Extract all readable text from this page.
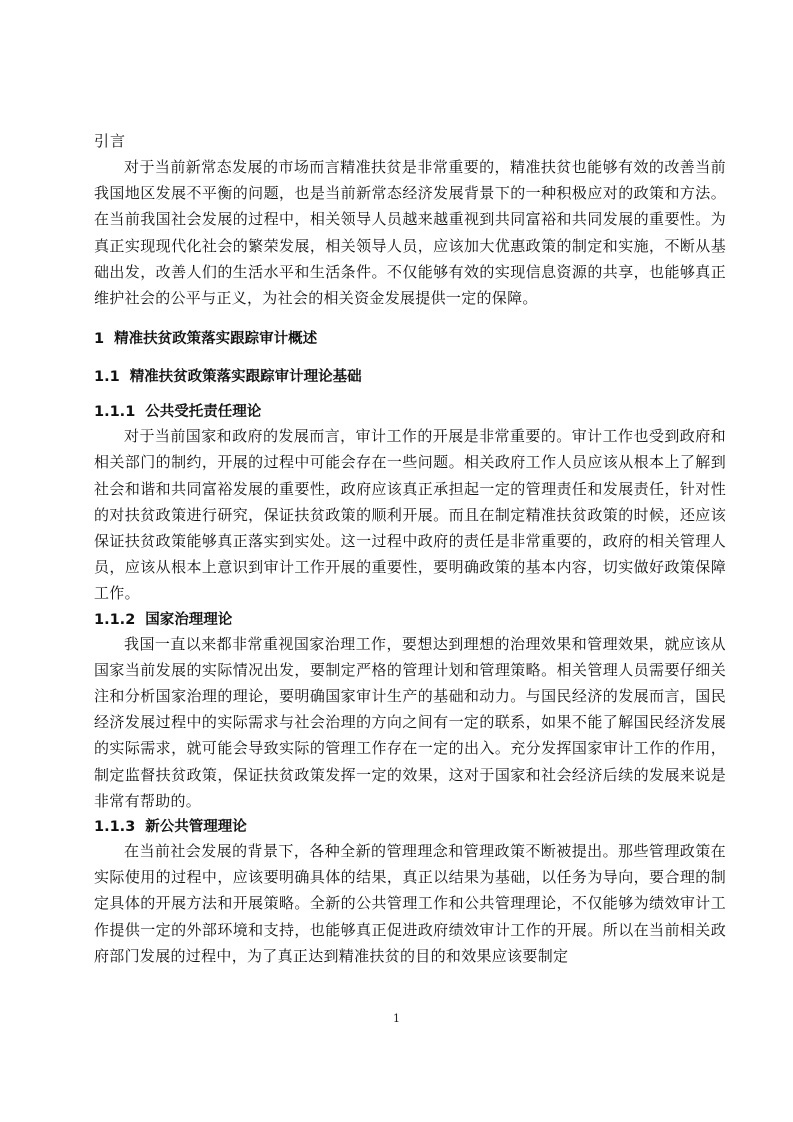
引言

对于当前新常态发展的市场而言精准扶贫是非常重要的，精准扶贫也能够有效的改善当前我国地区发展不平衡的问题，也是当前新常态经济发展背景下的一种积极应对的政策和方法。在当前我国社会发展的过程中，相关领导人员越来越重视到共同富裕和共同发展的重要性。为真正实现现代化社会的繁荣发展，相关领导人员，应该加大优惠政策的制定和实施，不断从基础出发，改善人们的生活水平和生活条件。不仅能够有效的实现信息资源的共享，也能够真正维护社会的公平与正义，为社会的相关资金发展提供一定的保障。

1 精准扶贫政策落实跟踪审计概述
1.1 精准扶贫政策落实跟踪审计理论基础
1.1.1 公共受托责任理论

对于当前国家和政府的发展而言，审计工作的开展是非常重要的。审计工作也受到政府和相关部门的制约，开展的过程中可能会存在一些问题。相关政府工作人员应该从根本上了解到社会和谐和共同富裕发展的重要性，政府应该真正承担起一定的管理责任和发展责任，针对性的对扶贫政策进行研究，保证扶贫政策的顺利开展。而且在制定精准扶贫政策的时候，还应该保证扶贫政策能够真正落实到实处。这一过程中政府的责任是非常重要的，政府的相关管理人员，应该从根本上意识到审计工作开展的重要性，要明确政策的基本内容，切实做好政策保障工作。

1.1.2 国家治理理论

我国一直以来都非常重视国家治理工作，要想达到理想的治理效果和管理效果，就应该从国家当前发展的实际情况出发，要制定严格的管理计划和管理策略。相关管理人员需要仔细关注和分析国家治理的理论，要明确国家审计生产的基础和动力。与国民经济的发展而言，国民经济发展过程中的实际需求与社会治理的方向之间有一定的联系，如果不能了解国民经济发展的实际需求，就可能会导致实际的管理工作存在一定的出入。充分发挥国家审计工作的作用，制定监督扶贫政策，保证扶贫政策发挥一定的效果，这对于国家和社会经济后续的发展来说是非常有帮助的。

1.1.3 新公共管理理论

在当前社会发展的背景下，各种全新的管理理念和管理政策不断被提出。那些管理政策在实际使用的过程中，应该要明确具体的结果，真正以结果为基础，以任务为导向，要合理的制定具体的开展方法和开展策略。全新的公共管理工作和公共管理理论，不仅能够为绩效审计工作提供一定的外部环境和支持，也能够真正促进政府绩效审计工作的开展。所以在当前相关政府部门发展的过程中，为了真正达到精准扶贫的目的和效果应该要制定

1
